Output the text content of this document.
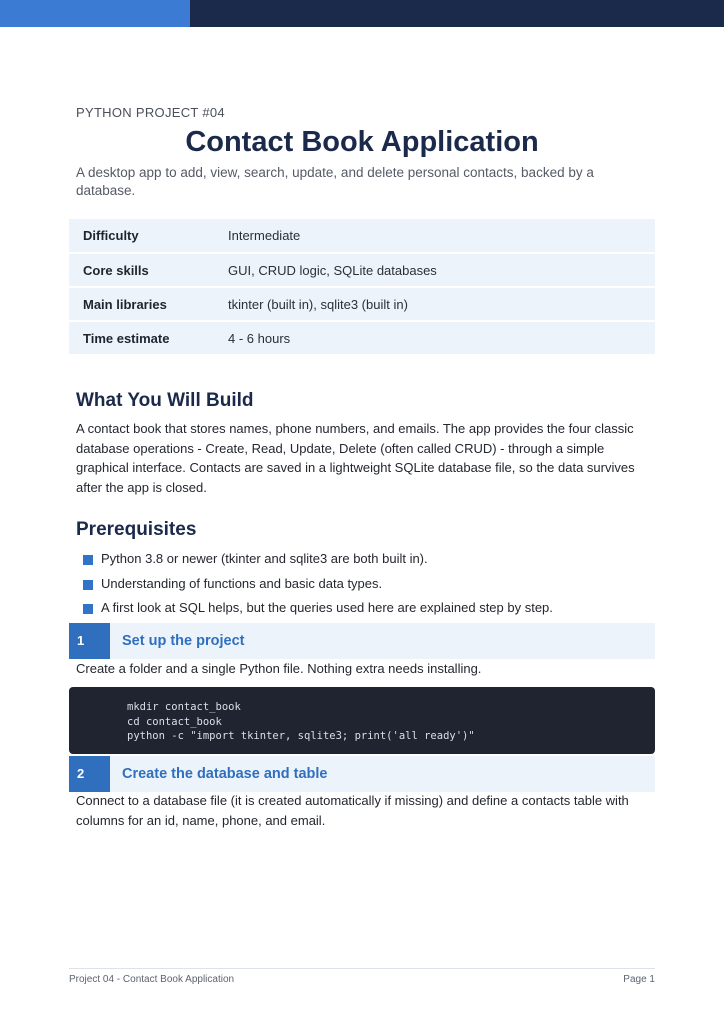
PYTHON PROJECT #04
Contact Book Application

A desktop app to add, view, search, update, and delete personal contacts, backed by a database.

Difficulty	Intermediate
Core skills	GUI, CRUD logic, SQLite databases
Main libraries	tkinter (built in), sqlite3 (built in)
Time estimate	4 - 6 hours
What You Will Build

A contact book that stores names, phone numbers, and emails. The app provides the four classic database operations - Create, Read, Update, Delete (often called CRUD) - through a simple graphical interface. Contacts are saved in a lightweight SQLite database file, so the data survives after the app is closed.

Prerequisites
Python 3.8 or newer (tkinter and sqlite3 are both built in).
Understanding of functions and basic data types.
A first look at SQL helps, but the queries used here are explained step by step.
1	Set up the project

Create a folder and a single Python file. Nothing extra needs installing.

mkdir contact_book
cd contact_book
python -c "import tkinter, sqlite3; print('all ready')"
2	Create the database and table

Connect to a database file (it is created automatically if missing) and define a contacts table with columns for an id, name, phone, and email.

Project 04 - Contact Book Application	Page 1
